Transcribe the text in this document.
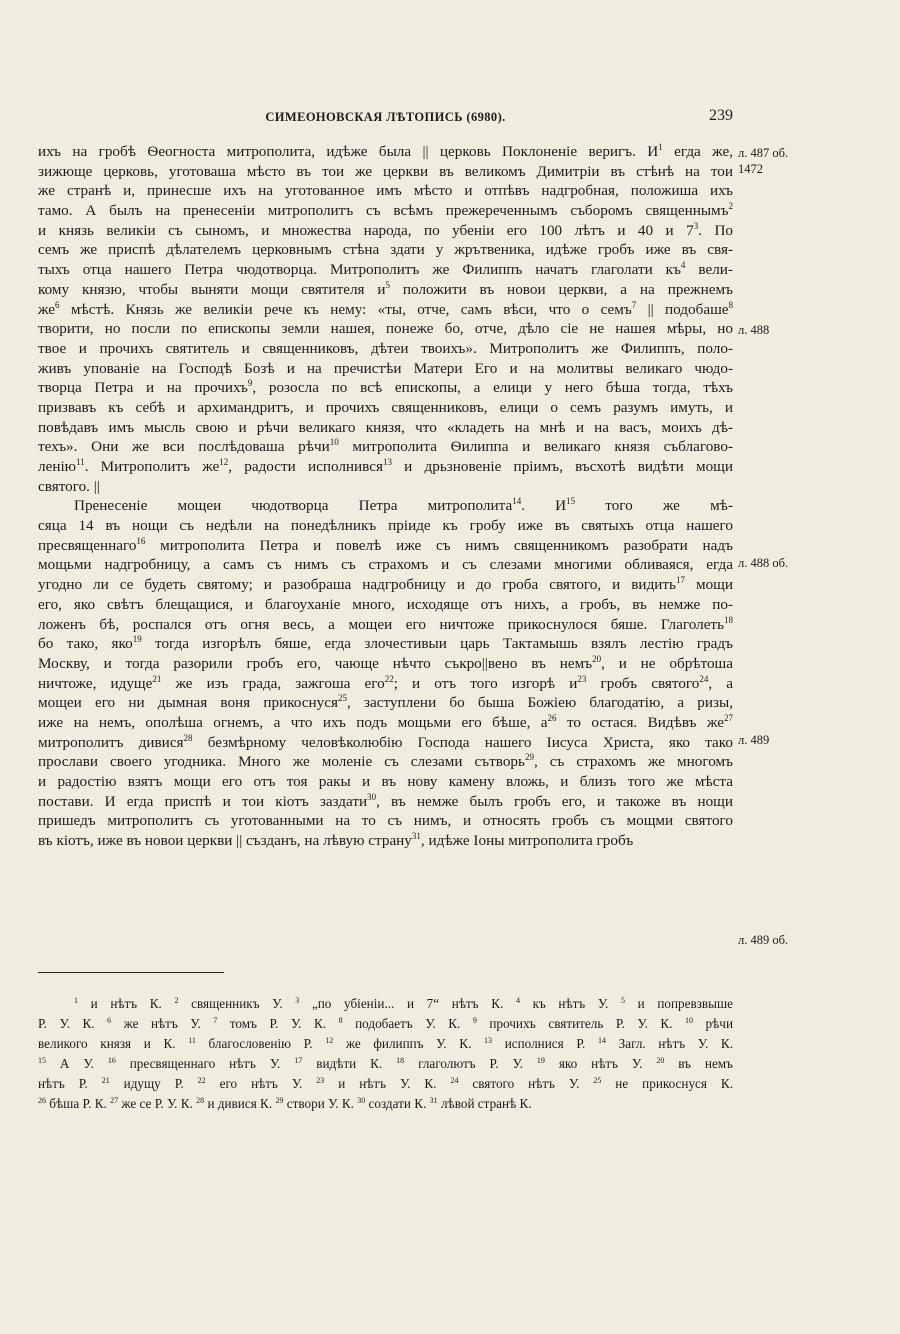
СИМЕОНОВСКАЯ ЛѢТОПИСЬ (6980).	239
л. 487 об.
1472
л. 488
л. 488 об.
л. 489
л. 489 об.
ихъ на гробѣ Ѳеогноста митрополита, идѣже была || церковь Поклоненіе веригъ. $И^1$ егда же,
зижюще церковь, уготоваша мѣсто въ тои же церкви въ великомъ Димитріи въ стѣнѣ на тои
же странѣ и, принесше ихъ на уготованное имъ мѣсто и отпѣвъ надгробная, положиша ихъ
тамо. А былъ на пренесеніи митрополитъ съ всѣмъ прежереченнымъ съборомъ священнымъ$^2$
и князь великіи съ сыномъ, и множества народа, по убеніи его 100 лѣтъ и 40 и $7^3$. По
семъ же приспѣ дѣлателемъ церковнымъ стѣна здати у жрътвеника, идѣже гробъ иже въ свя-
тыхъ отца нашего Петра чюдотворца. Митрополитъ же Филиппъ начатъ глаголати $къ^4$ вели-
кому князю, чтобы выняти мощи святителя $и^5$ положити въ новои церкви, а на прежнемъ
$же^6$ мѣстѣ. Князь же великіи рече къ нему: «ты, отче, самъ вѣси, что о семъ$^7$ || подобаше$^8$
творити, но посли по епископы земли нашея, понеже бо, отче, дѣло сіе не нашея мѣры, но
твое и прочихъ святитель и священниковъ, дѣтеи твоихъ». Митрополитъ же Филиппъ, поло-
живъ упованіе на Господѣ Бозѣ и на пречистѣи Матери Его и на молитвы великаго чюдо-
творца Петра и на прочихъ$^9$, розосла по вcѣ епископы, а елици у него бѣша тогда, тѣхъ
призвавъ къ себѣ и архимандритъ, и прочихъ священниковъ, елици о семъ разумъ имуть, и
повѣдавъ имъ мысль свою и рѣчи великаго князя, что «кладеть на мнѣ и на васъ, моихъ дѣ-
техъ». Они же вси послѣдоваша рѣчи$^{10}$ митрополита Ѳилиппа и великаго князя съблагово-
ленію$^{11}$. Митрополитъ $же^{12}$, радости исполнився$^{13}$ и дрьзновеніе пріимъ, въсхотѣ видѣти мощи
святого. ||
Пренесеніе мощеи чюдотворца Петра митрополита$^{14}$. $И^{15}$ того же мѣ-
сяца 14 въ нощи съ недѣли на понедѣлникъ пріиде къ гробу иже въ святыхъ отца нашего
пресвященнаго$^{16}$ митрополита Петра и повелѣ иже съ нимъ священникомъ разобрати надъ
мощьми надгробницу, а самъ съ нимъ съ страхомъ и съ слезами многими обливаяся, егда
угодно ли се будеть святому; и разобраша надгробницу и до гроба святого, и видить$^{17}$ мощи
его, яко свѣтъ блещащися, и благоуханіе много, исходяще отъ нихъ, а гробъ, въ немже по-
ложенъ бѣ, роспался отъ огня весь, а мощеи его ничтоже прикоснулося бяше. Глаголеть$^{18}$
бо тако, яко$^{19}$ тогда изгорѣлъ бяше, егда злочестивыи царь Тактамышь взялъ лестію градъ
Москву, и тогда разорили гробъ его, чающе нѣчто съкро||вено въ немъ$^{20}$, и не обрѣтоша
ничтоже, идуще$^{21}$ же изъ града, зажгоша его$^{22}$; и отъ того изгорѣ $и^{23}$ гробъ святого$^{24}$, а
мощеи его ни дымная воня прикоснуся$^{25}$, заступлени бо быша Божіею благодатію, а ризы,
иже на немъ, ополѣша огнемъ, а что ихъ подъ мощьми его бѣше, $а^{26}$ то остася. Видѣвъ $же^{27}$
митрополитъ дивися$^{28}$ безмѣрному человѣколюбію Господа нашего Іисуса Христа, яко тако
прослави своего угодника. Много же моленіе съ слезами сътворь$^{29}$, съ страхомъ же многомъ
и радостію взятъ мощи его отъ тоя ракы и въ нову камену вложь, и близъ того же мѣста
постави. И егда приспѣ и тои кіотъ заздати$^{30}$, въ немже былъ гробъ его, и такоже въ нощи
пришедъ митрополитъ съ уготованными на то съ нимъ, и относять гробъ съ мощми святого
въ кіотъ, иже въ новои церкви || създанъ, на лѣвую страну$^{31}$, идѣже Іоны митрополита гробъ
$^1$ и нѣтъ К. $^2$ священникъ У. $^3$ „по убіеніи... и 7“ нѣтъ К. $^4$ къ нѣтъ У. $^5$ и попревзвыше
Р. У. К. $^6$ же нѣтъ У. $^7$ томъ Р. У. К. $^8$ подобаетъ У. К. $^9$ прочихъ святитель Р. У. К. $^{10}$ рѣчи
великого князя и К. $^{11}$ благословенію Р. $^{12}$ же филиппъ У. К. $^{13}$ исполнися Р. $^{14}$ Загл. нѣтъ У. К.
$^{15}$ А У. $^{16}$ пресвященнаго нѣтъ У. $^{17}$ видѣти К. $^{18}$ глаголютъ Р. У. $^{19}$ яко нѣтъ У. $^{20}$ въ немъ
нѣтъ Р. $^{21}$ идущу Р. $^{22}$ его нѣтъ У. $^{23}$ и нѣтъ У. К. $^{24}$ святого нѣтъ У. $^{25}$ не прикоснуся К.
$^{26}$ бѣша Р. К. $^{27}$ же се Р. У. К. $^{28}$ и дивися К. $^{29}$ створи У. К. $^{30}$ создати К. $^{31}$ лѣвой странѣ К.
